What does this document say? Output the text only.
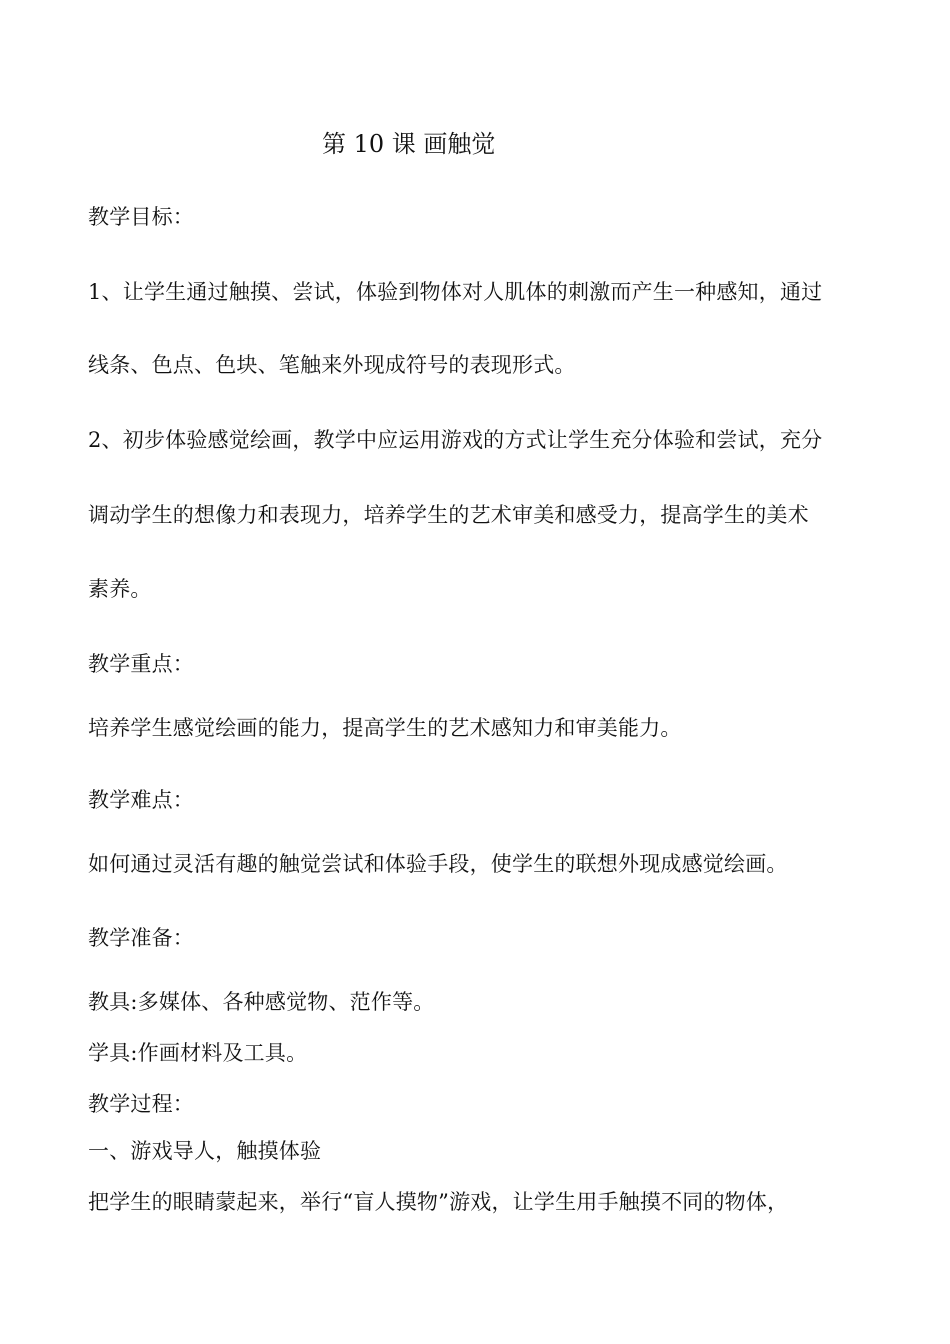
第 10 课 画触觉
教学目标：
1、让学生通过触摸、尝试，体验到物体对人肌体的刺激而产生一种感知，通过
线条、色点、色块、笔触来外现成符号的表现形式。
2、初步体验感觉绘画，教学中应运用游戏的方式让学生充分体验和尝试，充分
调动学生的想像力和表现力，培养学生的艺术审美和感受力，提高学生的美术
素养。
教学重点：
培养学生感觉绘画的能力，提高学生的艺术感知力和审美能力。
教学难点：
如何通过灵活有趣的触觉尝试和体验手段，使学生的联想外现成感觉绘画。
教学准备：
教具:多媒体、各种感觉物、范作等。
学具:作画材料及工具。
教学过程：
一、游戏导人，触摸体验
把学生的眼睛蒙起来，举行“盲人摸物”游戏，让学生用手触摸不同的物体，
